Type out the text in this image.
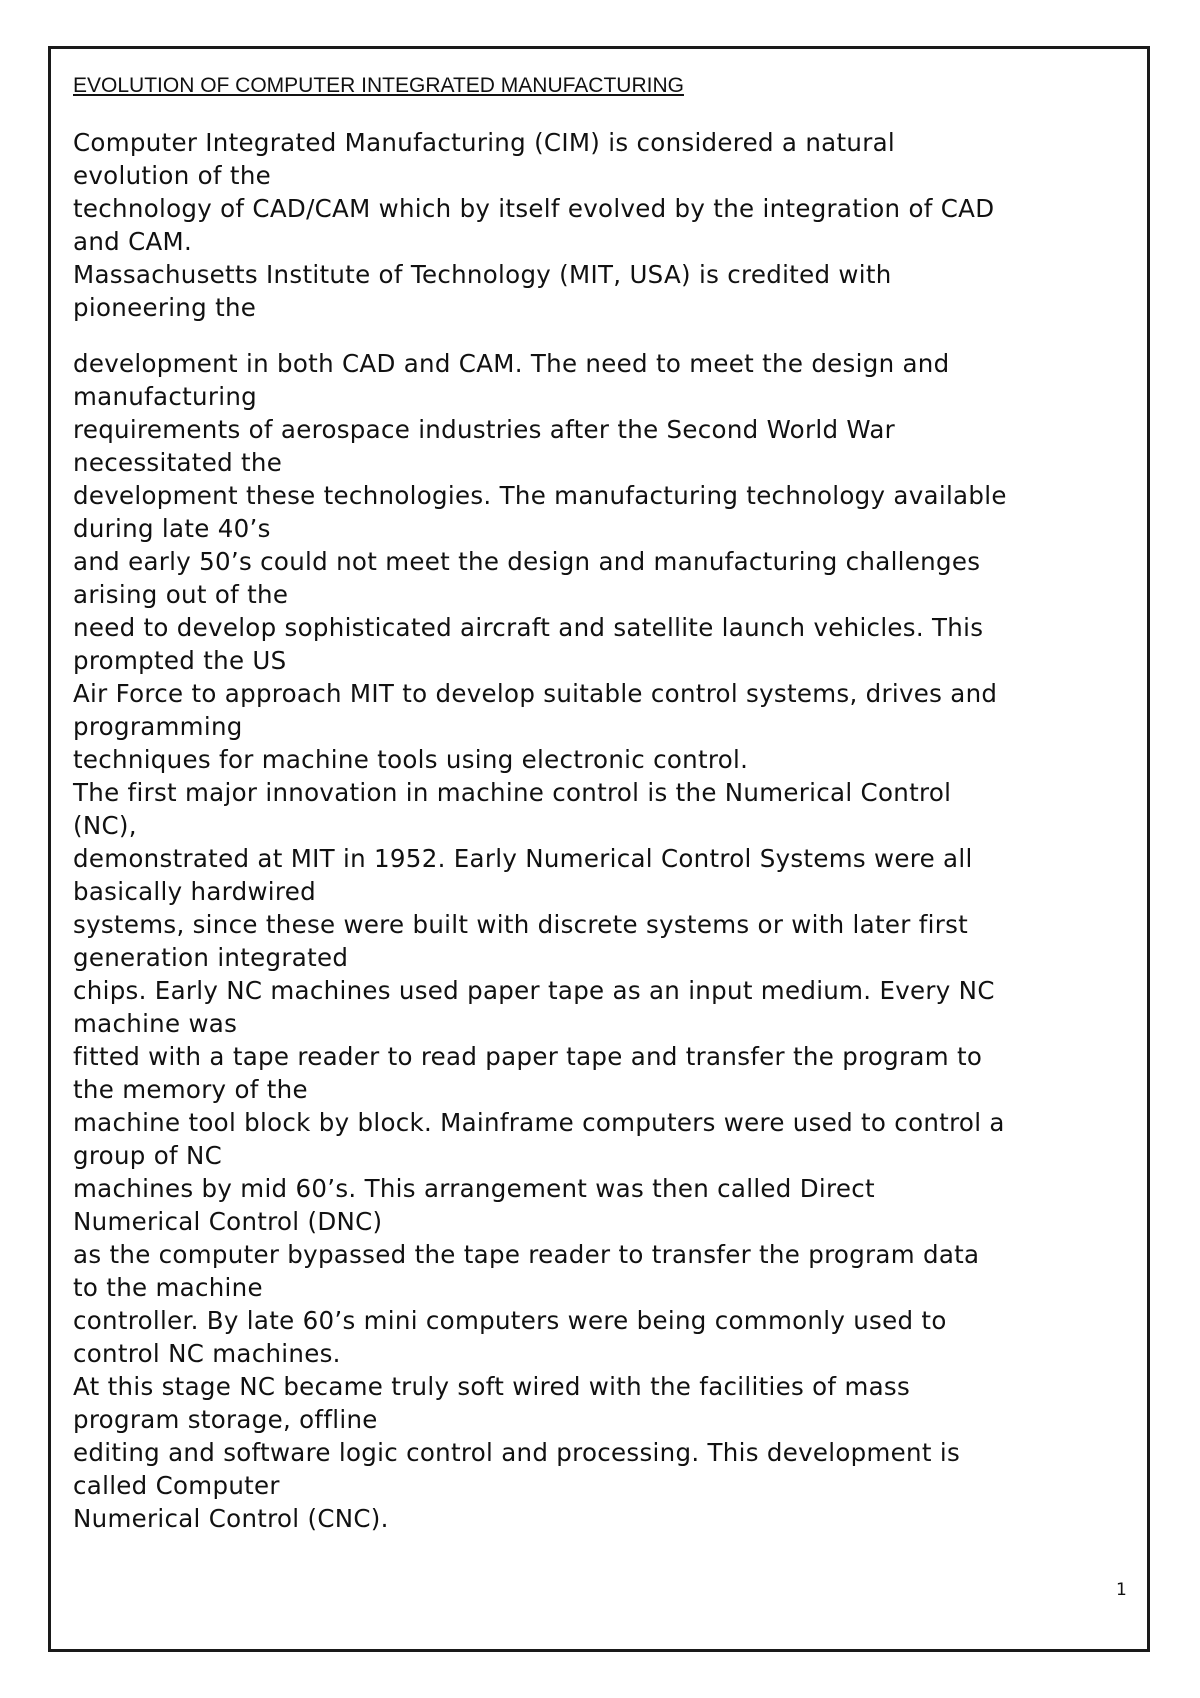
EVOLUTION OF COMPUTER INTEGRATED MANUFACTURING
Computer Integrated Manufacturing (CIM) is considered a natural
evolution of the
technology of CAD/CAM which by itself evolved by the integration of CAD
and CAM.
Massachusetts Institute of Technology (MIT, USA) is credited with
pioneering the
development in both CAD and CAM. The need to meet the design and
manufacturing
requirements of aerospace industries after the Second World War
necessitated the
development these technologies. The manufacturing technology available
during late 40’s
and early 50’s could not meet the design and manufacturing challenges
arising out of the
need to develop sophisticated aircraft and satellite launch vehicles. This
prompted the US
Air Force to approach MIT to develop suitable control systems, drives and
programming
techniques for machine tools using electronic control.
The first major innovation in machine control is the Numerical Control
(NC),
demonstrated at MIT in 1952. Early Numerical Control Systems were all
basically hardwired
systems, since these were built with discrete systems or with later first
generation integrated
chips. Early NC machines used paper tape as an input medium. Every NC
machine was
fitted with a tape reader to read paper tape and transfer the program to
the memory of the
machine tool block by block. Mainframe computers were used to control a
group of NC
machines by mid 60’s. This arrangement was then called Direct
Numerical Control (DNC)
as the computer bypassed the tape reader to transfer the program data
to the machine
controller. By late 60’s mini computers were being commonly used to
control NC machines.
At this stage NC became truly soft wired with the facilities of mass
program storage, offline
editing and software logic control and processing. This development is
called Computer
Numerical Control (CNC).
1
